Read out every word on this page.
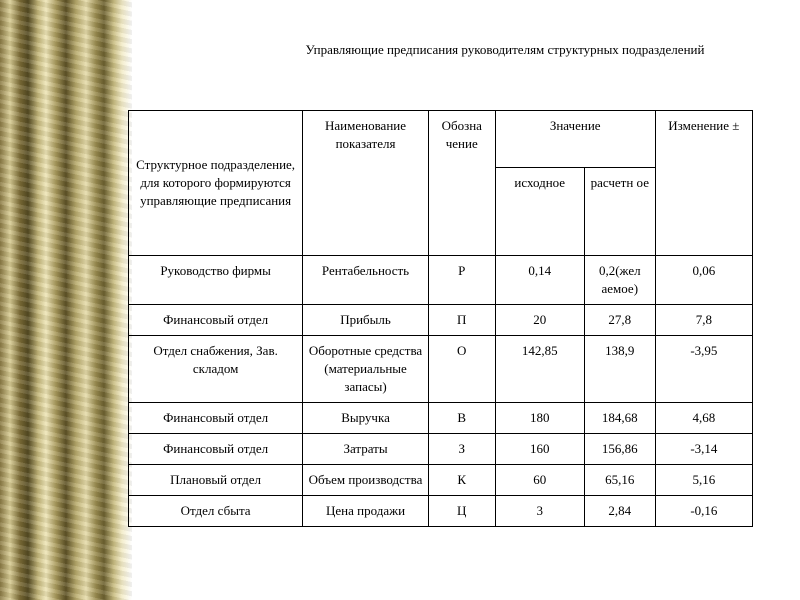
Управляющие предписания руководителям структурных подразделений
Структурное подразделение, для которого формируются управляющие предписания	Наименование показателя	Обозна чение	Значение		Изменение ±
			исходное	расчетн ое	
Руководство фирмы	Рентабельность	Р	0,14	0,2(жел аемое)	0,06
Финансовый отдел	Прибыль	П	20	27,8	7,8
Отдел снабжения, Зав. складом	Оборотные средства (материальные запасы)	О	142,85	138,9	-3,95
Финансовый отдел	Выручка	В	180	184,68	4,68
Финансовый отдел	Затраты	З	160	156,86	-3,14
Плановый отдел	Объем производства	К	60	65,16	5,16
Отдел сбыта	Цена продажи	Ц	3	2,84	-0,16
